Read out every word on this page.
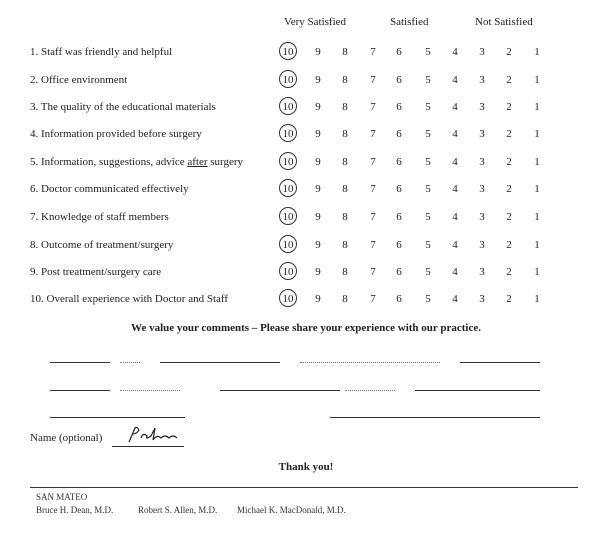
Very Satisfied	Satisfied	Not Satisfied
1. Staff was friendly and helpful	10	9	8	7	6	5	4	3	2	1
2. Office environment	10	9	8	7	6	5	4	3	2	1
3. The quality of the educational materials	10	9	8	7	6	5	4	3	2	1
4. Information provided before surgery	10	9	8	7	6	5	4	3	2	1
5. Information, suggestions, advice after surgery	10	9	8	7	6	5	4	3	2	1
6. Doctor communicated effectively	10	9	8	7	6	5	4	3	2	1
7. Knowledge of staff members	10	9	8	7	6	5	4	3	2	1
8. Outcome of treatment/surgery	10	9	8	7	6	5	4	3	2	1
9. Post treatment/surgery care	10	9	8	7	6	5	4	3	2	1
10. Overall experience with Doctor and Staff	10	9	8	7	6	5	4	3	2	1
We value your comments – Please share your experience with our practice.
Name (optional)
Thank you!
SAN MATEO
Bruce H. Dean, M.D.	Robert S. Allen, M.D. Michael K. MacDonald, M.D.
